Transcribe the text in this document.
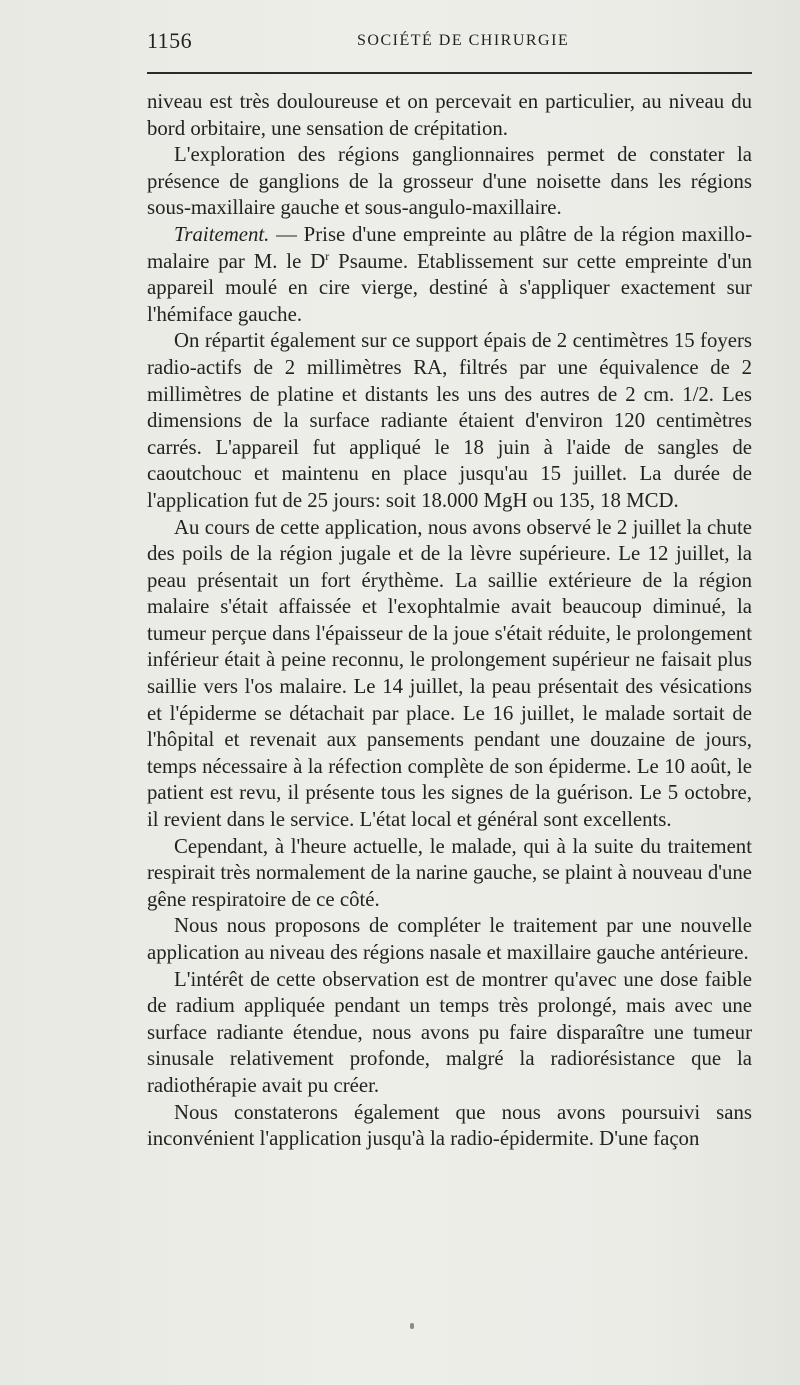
1156	SOCIÉTÉ DE CHIRURGIE

niveau est très douloureuse et on percevait en particulier, au niveau du bord orbitaire, une sensation de crépitation.

L'exploration des régions ganglionnaires permet de constater la présence de ganglions de la grosseur d'une noisette dans les régions sous-maxillaire gauche et sous-angulo-maxillaire.

Traitement. — Prise d'une empreinte au plâtre de la région maxillo-malaire par M. le $D^r$ Psaume. Etablissement sur cette empreinte d'un appareil moulé en cire vierge, destiné à s'appliquer exactement sur l'hémiface gauche.

On répartit également sur ce support épais de 2 centimètres 15 foyers radio-actifs de 2 millimètres RA, filtrés par une équivalence de 2 millimètres de platine et distants les uns des autres de 2 cm. 1/2. Les dimensions de la surface radiante étaient d'environ 120 centimètres carrés. L'appareil fut appliqué le 18 juin à l'aide de sangles de caoutchouc et maintenu en place jusqu'au 15 juillet. La durée de l'application fut de 25 jours: soit 18.000 MgH ou 135, 18 MCD.

Au cours de cette application, nous avons observé le 2 juillet la chute des poils de la région jugale et de la lèvre supérieure. Le 12 juillet, la peau présentait un fort érythème. La saillie extérieure de la région malaire s'était affaissée et l'exophtalmie avait beaucoup diminué, la tumeur perçue dans l'épaisseur de la joue s'était réduite, le prolongement inférieur était à peine reconnu, le prolongement supérieur ne faisait plus saillie vers l'os malaire. Le 14 juillet, la peau présentait des vésications et l'épiderme se détachait par place. Le 16 juillet, le malade sortait de l'hôpital et revenait aux pansements pendant une douzaine de jours, temps nécessaire à la réfection complète de son épiderme. Le 10 août, le patient est revu, il présente tous les signes de la guérison. Le 5 octobre, il revient dans le service. L'état local et général sont excellents.

Cependant, à l'heure actuelle, le malade, qui à la suite du traitement respirait très normalement de la narine gauche, se plaint à nouveau d'une gêne respiratoire de ce côté.

Nous nous proposons de compléter le traitement par une nouvelle application au niveau des régions nasale et maxillaire gauche antérieure.

L'intérêt de cette observation est de montrer qu'avec une dose faible de radium appliquée pendant un temps très prolongé, mais avec une surface radiante étendue, nous avons pu faire disparaître une tumeur sinusale relativement profonde, malgré la radiorésistance que la radiothérapie avait pu créer.

Nous constaterons également que nous avons poursuivi sans inconvénient l'application jusqu'à la radio-épidermite. D'une façon
